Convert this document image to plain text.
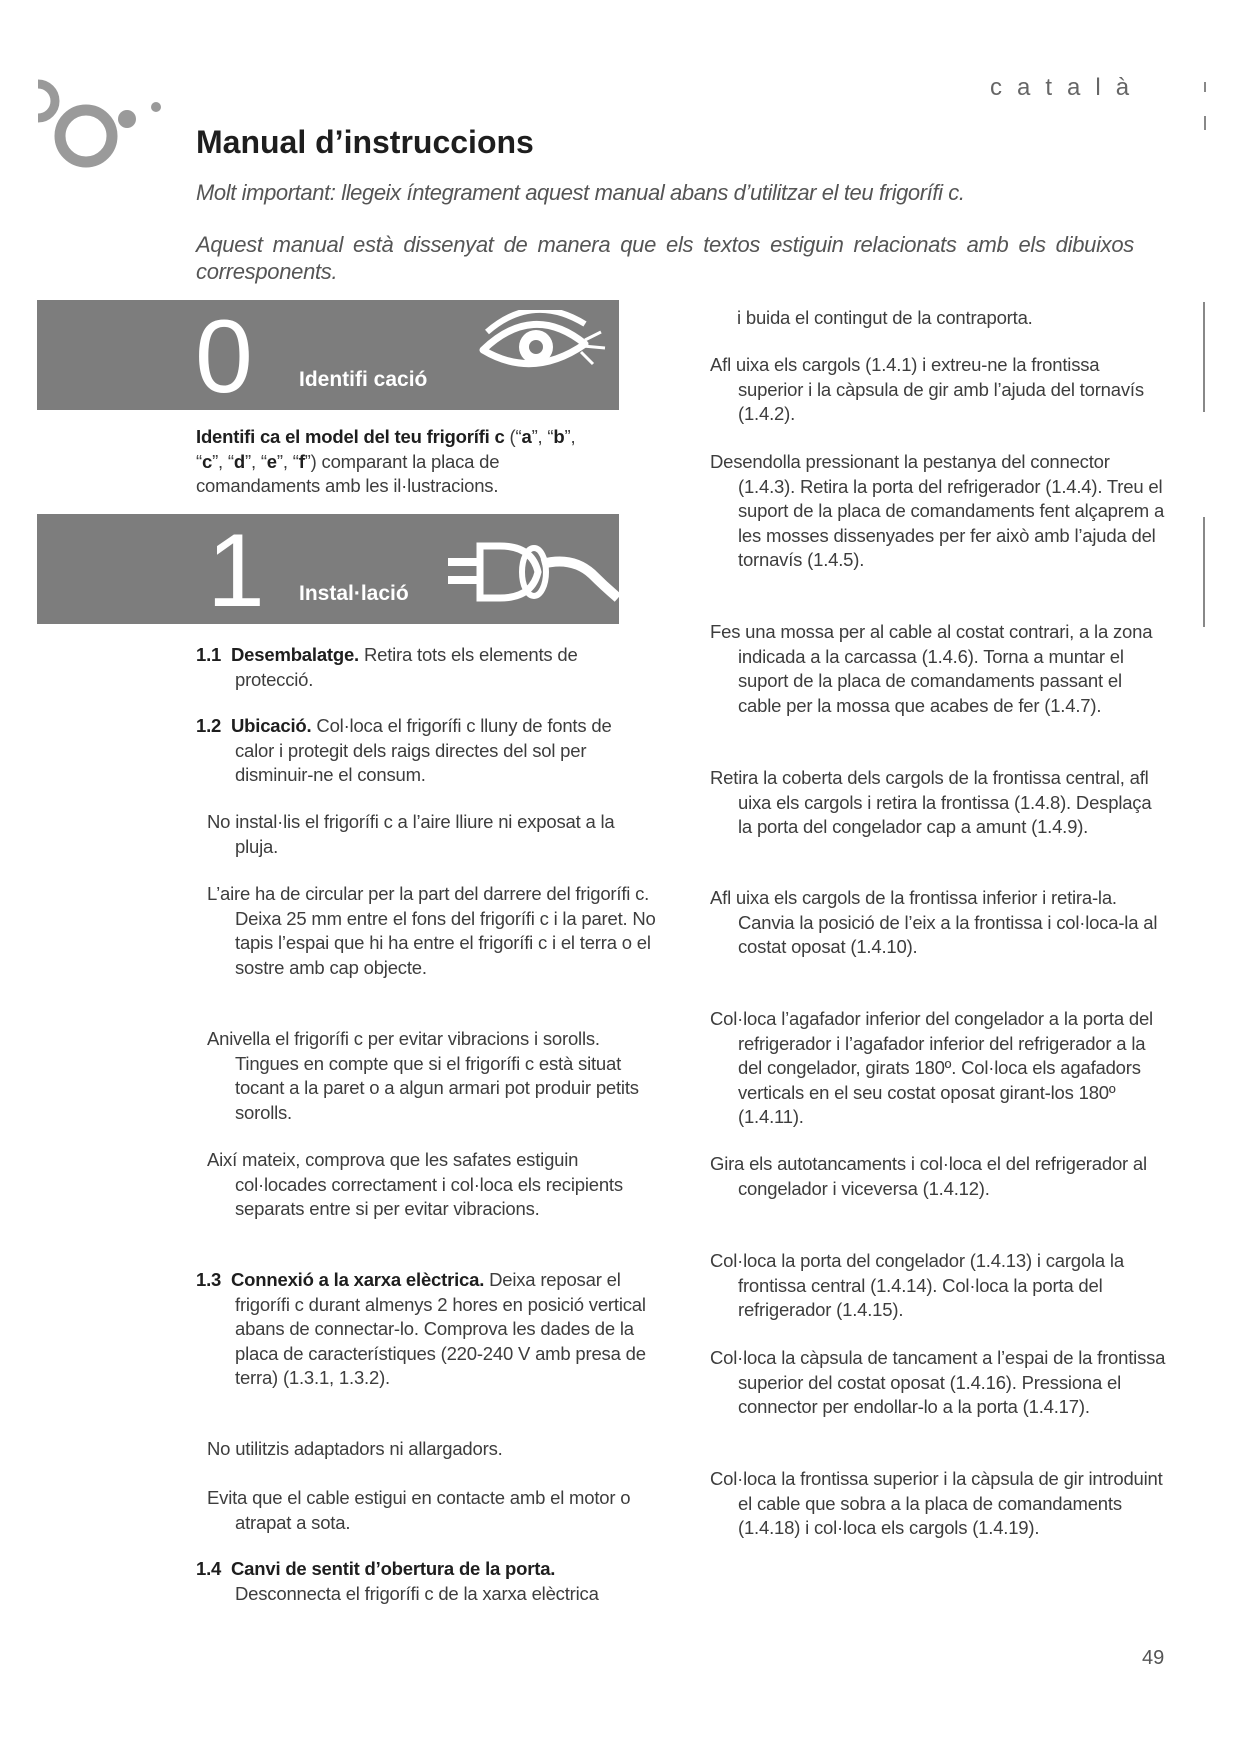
català
Manual d’instruccions
Molt important: llegeix íntegrament aquest manual abans d’utilitzar el teu frigorífi c.
Aquest manual està dissenyat de manera que els textos estiguin relacionats amb els dibuixos corresponents.
0 Identifi cació
Identifi ca el model del teu frigorífi c (“a”, “b”, “c”, “d”, “e”, “f”) comparant la placa de comandaments amb les il·lustracions.
1 Instal·lació
1.1 Desembalatge. Retira tots els elements de protecció.
1.2 Ubicació. Col·loca el frigorífi c lluny de fonts de calor i protegit dels raigs directes del sol per disminuir-ne el consum.
No instal·lis el frigorífi c a l’aire lliure ni exposat a la pluja.
L’aire ha de circular per la part del darrere del frigorífi c. Deixa 25 mm entre el fons del frigorífi c i la paret. No tapis l’espai que hi ha entre el frigorífi c i el terra o el sostre amb cap objecte.
Anivella el frigorífi c per evitar vibracions i sorolls. Tingues en compte que si el frigorífi c està situat tocant a la paret o a algun armari pot produir petits sorolls.
Així mateix, comprova que les safates estiguin col·locades correctament i col·loca els recipients separats entre si per evitar vibracions.
1.3 Connexió a la xarxa elèctrica. Deixa reposar el frigorífi c durant almenys 2 hores en posició vertical abans de connectar-lo. Comprova les dades de la placa de característiques (220-240 V amb presa de terra) (1.3.1, 1.3.2).
No utilitzis adaptadors ni allargadors.
Evita que el cable estigui en contacte amb el motor o atrapat a sota.
1.4 Canvi de sentit d’obertura de la porta.
Desconnecta el frigorífi c de la xarxa elèctrica
i buida el contingut de la contraporta.
Afl uixa els cargols (1.4.1) i extreu-ne la frontissa superior i la càpsula de gir amb l’ajuda del tornavís (1.4.2).
Desendolla pressionant la pestanya del connector (1.4.3). Retira la porta del refrigerador (1.4.4). Treu el suport de la placa de comandaments fent alçaprem a les mosses dissenyades per fer això amb l’ajuda del tornavís (1.4.5).
Fes una mossa per al cable al costat contrari, a la zona indicada a la carcassa (1.4.6). Torna a muntar el suport de la placa de comandaments passant el cable per la mossa que acabes de fer (1.4.7).
Retira la coberta dels cargols de la frontissa central, afl uixa els cargols i retira la frontissa (1.4.8). Desplaça la porta del congelador cap a amunt (1.4.9).
Afl uixa els cargols de la frontissa inferior i retira-la. Canvia la posició de l’eix a la frontissa i col·loca-la al costat oposat (1.4.10).
Col·loca l’agafador inferior del congelador a la porta del refrigerador i l’agafador inferior del refrigerador a la del congelador, girats 180º. Col·loca els agafadors verticals en el seu costat oposat girant-los 180º (1.4.11).
Gira els autotancaments i col·loca el del refrigerador al congelador i viceversa (1.4.12).
Col·loca la porta del congelador (1.4.13) i cargola la frontissa central (1.4.14). Col·loca la porta del refrigerador (1.4.15).
Col·loca la càpsula de tancament a l’espai de la frontissa superior del costat oposat (1.4.16). Pressiona el connector per endollar-lo a la porta (1.4.17).
Col·loca la frontissa superior i la càpsula de gir introduint el cable que sobra a la placa de comandaments (1.4.18) i col·loca els cargols (1.4.19).
49
